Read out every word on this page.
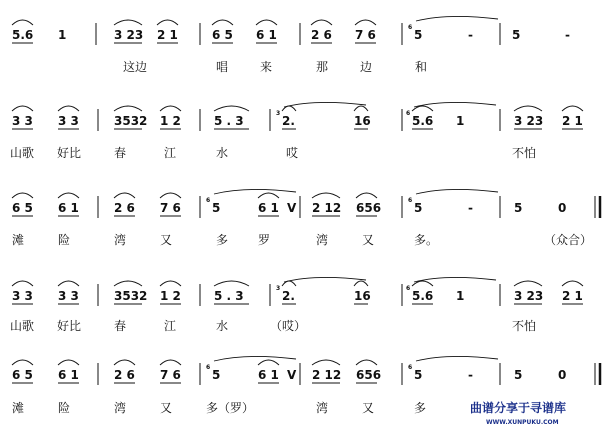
5.6 1	3 23 2 1	6 5 6 1	2 6 7 6	5	-	5	-
这边	唱	来	那	边	和
3 3 3 3	3532 1 2	5 . 3	2.	16	5.6 1	3 23 2 1
山歌 好比	春	江	水	哎	不怕
6 5 6 1	2 6 7 6	5	6 1 V 2 12 656	5	-	5	0
滩	险	湾	又	多 罗	湾	又	多。	（众合）
3 3 3 3	3532 1 2	5 . 3	2.	16	5.6 1	3 23 2 1
山歌 好比	春	江	水	（哎）	不怕
6 5 6 1	2 6 7 6	5	6 1 V 2 12 656	5	-	5	0
滩	险	湾	又	多（罗）	湾	又	多
6
3	6
6	6
3	6
6	6
曲谱分享于寻谱库
WWW.XUNPUKU.COM
